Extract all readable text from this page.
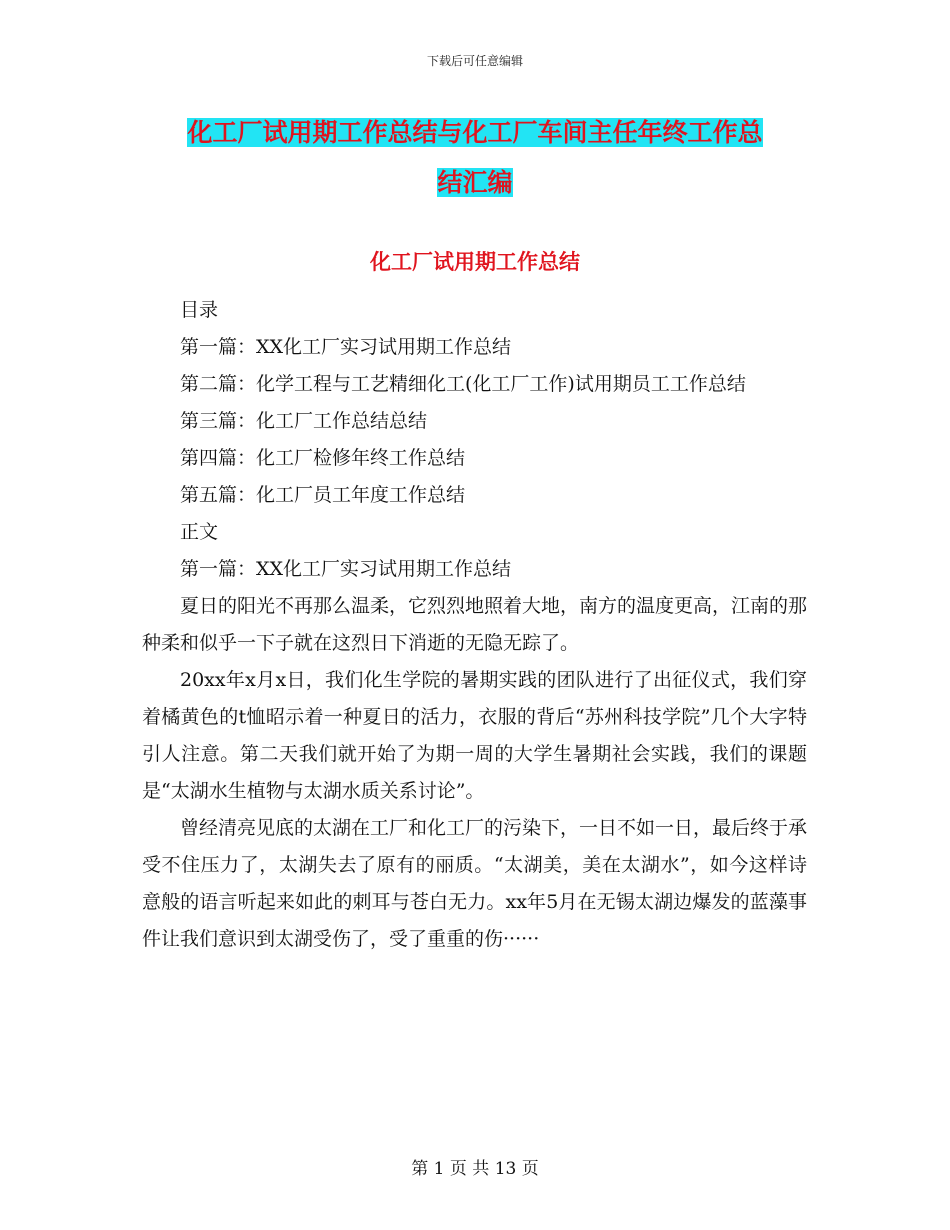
下载后可任意编辑
化工厂试用期工作总结与化工厂车间主任年终工作总
结汇编
化工厂试用期工作总结

目录

第一篇：XX化工厂实习试用期工作总结

第二篇：化学工程与工艺精细化工(化工厂工作)试用期员工工作总结

第三篇：化工厂工作总结总结

第四篇：化工厂检修年终工作总结

第五篇：化工厂员工年度工作总结

正文

第一篇：XX化工厂实习试用期工作总结

夏日的阳光不再那么温柔，它烈烈地照着大地，南方的温度更高，江南的那种柔和似乎一下子就在这烈日下消逝的无隐无踪了。

20xx年x月x日，我们化生学院的暑期实践的团队进行了出征仪式，我们穿着橘黄色的t恤昭示着一种夏日的活力，衣服的背后“苏州科技学院”几个大字特引人注意。第二天我们就开始了为期一周的大学生暑期社会实践，我们的课题是“太湖水生植物与太湖水质关系讨论”。

曾经清亮见底的太湖在工厂和化工厂的污染下，一日不如一日，最后终于承受不住压力了，太湖失去了原有的丽质。“太湖美，美在太湖水”，如今这样诗意般的语言听起来如此的刺耳与苍白无力。xx年5月在无锡太湖边爆发的蓝藻事件让我们意识到太湖受伤了，受了重重的伤······

第 1 页 共 13 页
